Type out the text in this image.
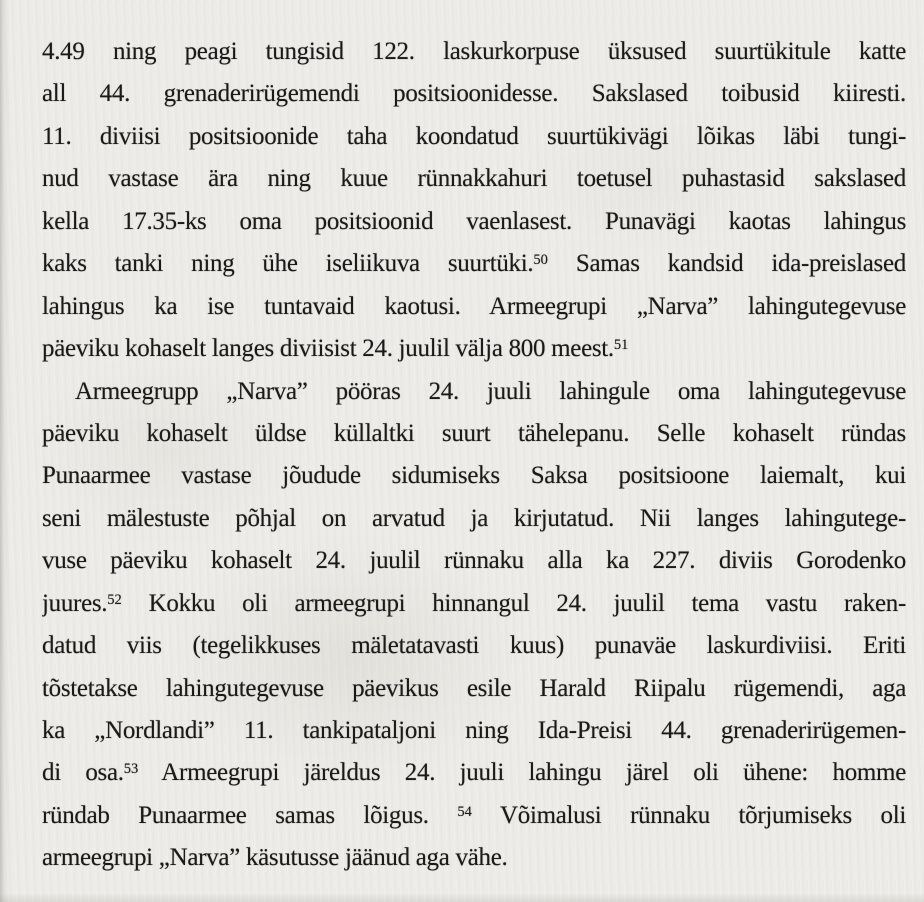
4.49 ning peagi tungisid 122. laskurkorpuse üksused suurtükitule katte
all 44. grenaderirügemendi positsioonidesse. Sakslased toibusid kiiresti.
11. diviisi positsioonide taha koondatud suurtükivägi lõikas läbi tungi-
nud vastase ära ning kuue rünnakkahuri toetusel puhastasid sakslased
kella 17.35-ks oma positsioonid vaenlasest. Punavägi kaotas lahingus
kaks tanki ning ühe iseliikuva suurtüki.$^{50}$ Samas kandsid ida-preislased
lahingus ka ise tuntavaid kaotusi. Armeegrupi „Narva” lahingutegevuse
päeviku kohaselt langes diviisist 24. juulil välja 800 meest.$^{51}$
Armeegrupp „Narva” pööras 24. juuli lahingule oma lahingutegevuse
päeviku kohaselt üldse küllaltki suurt tähelepanu. Selle kohaselt ründas
Punaarmee vastase jõudude sidumiseks Saksa positsioone laiemalt, kui
seni mälestuste põhjal on arvatud ja kirjutatud. Nii langes lahingutege-
vuse päeviku kohaselt 24. juulil rünnaku alla ka 227. diviis Gorodenko
juures.$^{52}$ Kokku oli armeegrupi hinnangul 24. juulil tema vastu raken-
datud viis (tegelikkuses mäletatavasti kuus) punaväe laskurdiviisi. Eriti
tõstetakse lahingutegevuse päevikus esile Harald Riipalu rügemendi, aga
ka „Nordlandi” 11. tankipataljoni ning Ida-Preisi 44. grenaderirügemen-
di osa.$^{53}$ Armeegrupi järeldus 24. juuli lahingu järel oli ühene: homme
ründab Punaarmee samas lõigus. $^{54}$ Võimalusi rünnaku tõrjumiseks oli
armeegrupi „Narva” käsutusse jäänud aga vähe.
